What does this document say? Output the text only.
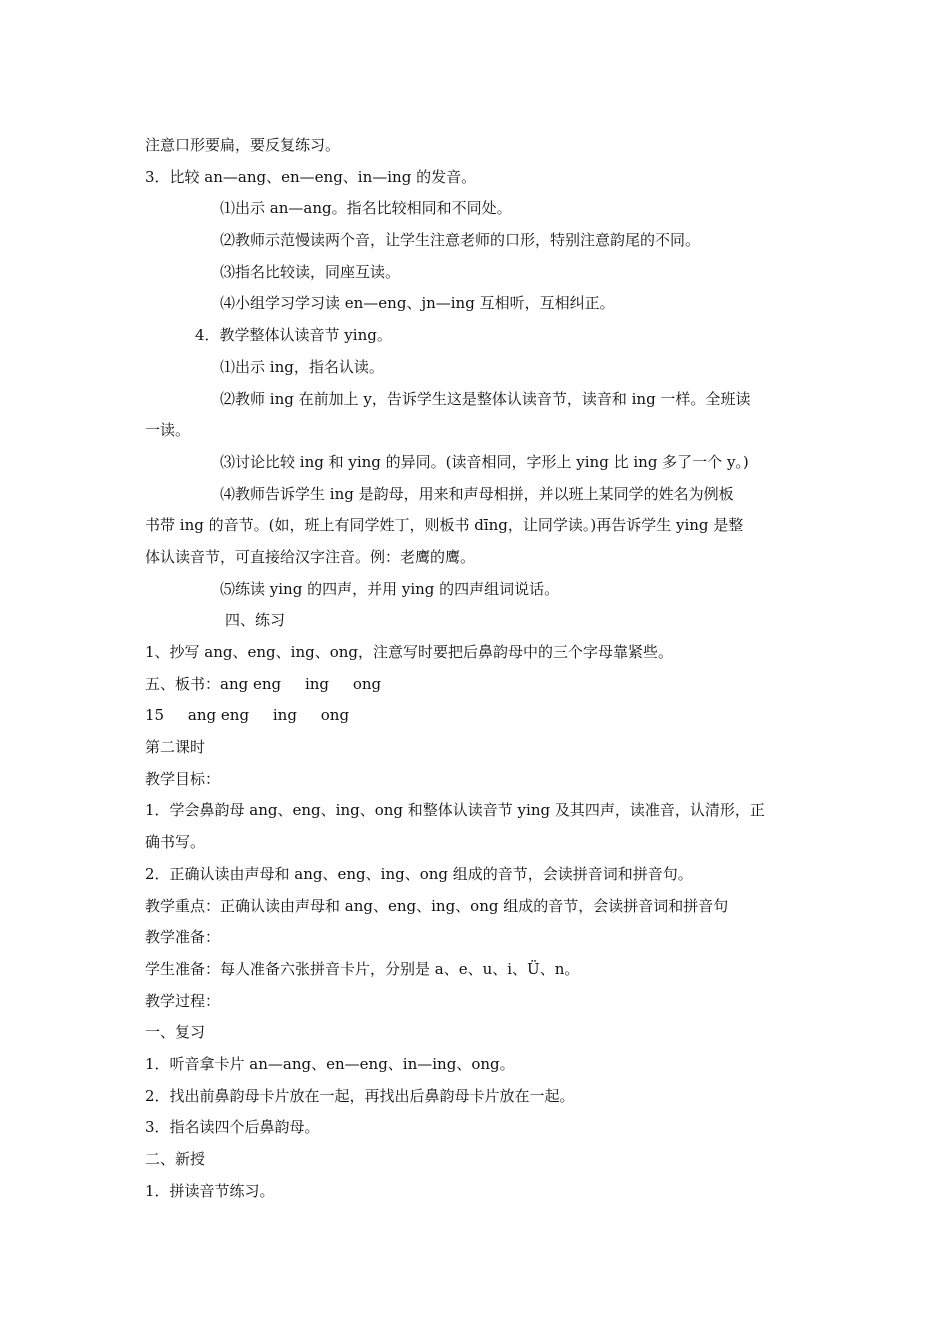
注意口形要扁，要反复练习。
3．比较 an—ang、en—eng、in—ing 的发音。
⑴出示 an—ang。指名比较相同和不同处。
⑵教师示范慢读两个音，让学生注意老师的口形，特别注意韵尾的不同。
⑶指名比较读，同座互读。
⑷小组学习学习读 en—eng、jn—ing 互相听，互相纠正。
4．教学整体认读音节 ying。
⑴出示 ing，指名认读。
⑵教师 ing 在前加上 y，告诉学生这是整体认读音节，读音和 ing 一样。全班读
一读。
⑶讨论比较 ing 和 ying 的异同。(读音相同，字形上 ying 比 ing 多了一个 y。)
⑷教师告诉学生 ing 是韵母，用来和声母相拼，并以班上某同学的姓名为例板
书带 ing 的音节。(如，班上有同学姓丁，则板书 dīng，让同学读。)再告诉学生 ying 是整
体认读音节，可直接给汉字注音。例：老鹰的鹰。
⑸练读 ying 的四声，并用 ying 的四声组词说话。
四、练习
1、抄写 ang、eng、ing、ong，注意写时要把后鼻韵母中的三个字母靠紧些。
五、板书：ang eng     ing     ong
15     ang eng     ing     ong
第二课时
教学目标：
1．学会鼻韵母 ang、eng、ing、ong 和整体认读音节 ying 及其四声，读准音，认清形，正
确书写。
2．正确认读由声母和 ang、eng、ing、ong 组成的音节，会读拼音词和拼音句。
教学重点：正确认读由声母和 ang、eng、ing、ong 组成的音节，会读拼音词和拼音句
教学准备：
学生准备：每人准备六张拼音卡片，分别是 a、e、u、i、Ü、n。
教学过程：
一、复习
1．听音拿卡片 an—ang、en—eng、in—ing、ong。
2．找出前鼻韵母卡片放在一起，再找出后鼻韵母卡片放在一起。
3．指名读四个后鼻韵母。
二、新授
1．拼读音节练习。
